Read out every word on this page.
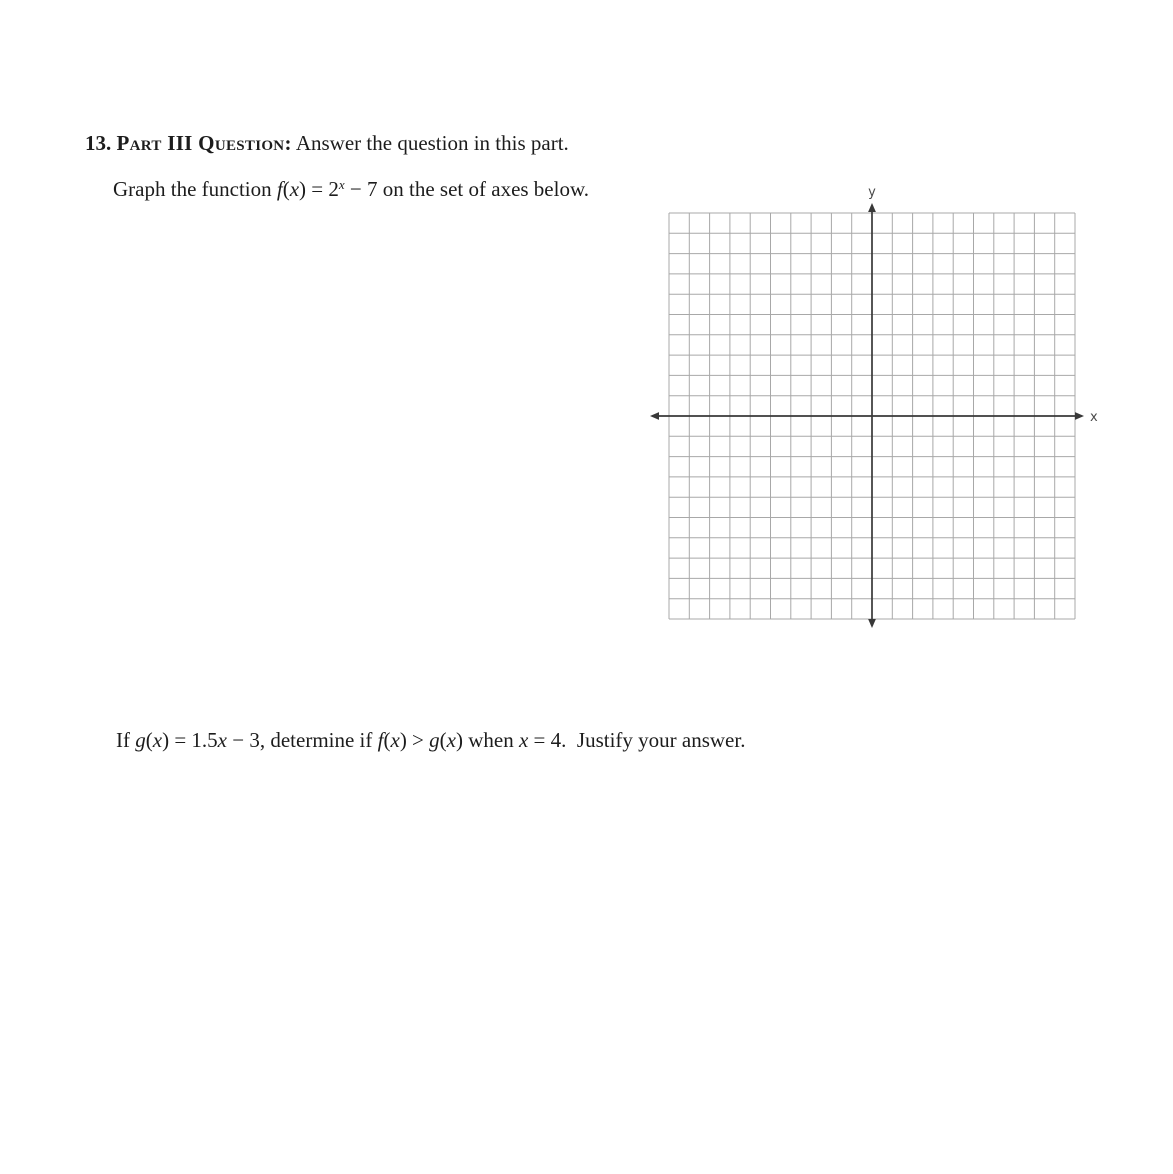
13. Part III Question: Answer the question in this part.

Graph the function $f(x) = 2^x - 7$ on the set of axes below.
	y
x

If g(x) = 1.5x − 3, determine if f(x) > g(x) when x = 4.  Justify your answer.
